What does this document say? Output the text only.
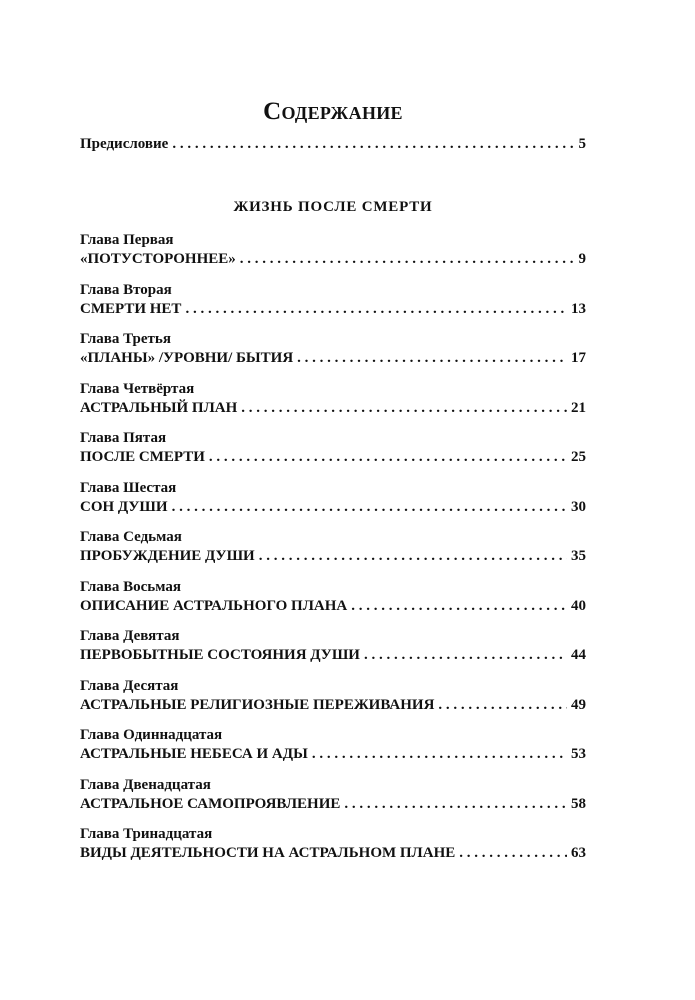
Содержание
Предисловие . . .	5
ЖИЗНЬ ПОСЛЕ СМЕРТИ
Глава Первая
«ПОТУСТОРОННЕЕ» . . .	9
Глава Вторая
СМЕРТИ НЕТ . . .	13
Глава Третья
«ПЛАНЫ» /УРОВНИ/ БЫТИЯ . . .	17
Глава Четвёртая
АСТРАЛЬНЫЙ ПЛАН . . .	21
Глава Пятая
ПОСЛЕ СМЕРТИ . . .	25
Глава Шестая
СОН ДУШИ . . .	30
Глава Седьмая
ПРОБУЖДЕНИЕ ДУШИ . . .	35
Глава Восьмая
ОПИСАНИЕ АСТРАЛЬНОГО ПЛАНА . . .	40
Глава Девятая
ПЕРВОБЫТНЫЕ СОСТОЯНИЯ ДУШИ . . .	44
Глава Десятая
АСТРАЛЬНЫЕ РЕЛИГИОЗНЫЕ ПЕРЕЖИВАНИЯ . . .	49
Глава Одиннадцатая
АСТРАЛЬНЫЕ НЕБЕСА И АДЫ . . .	53
Глава Двенадцатая
АСТРАЛЬНОЕ САМОПРОЯВЛЕНИЕ . . .	58
Глава Тринадцатая
ВИДЫ ДЕЯТЕЛЬНОСТИ НА АСТРАЛЬНОМ ПЛАНЕ . . .	63
